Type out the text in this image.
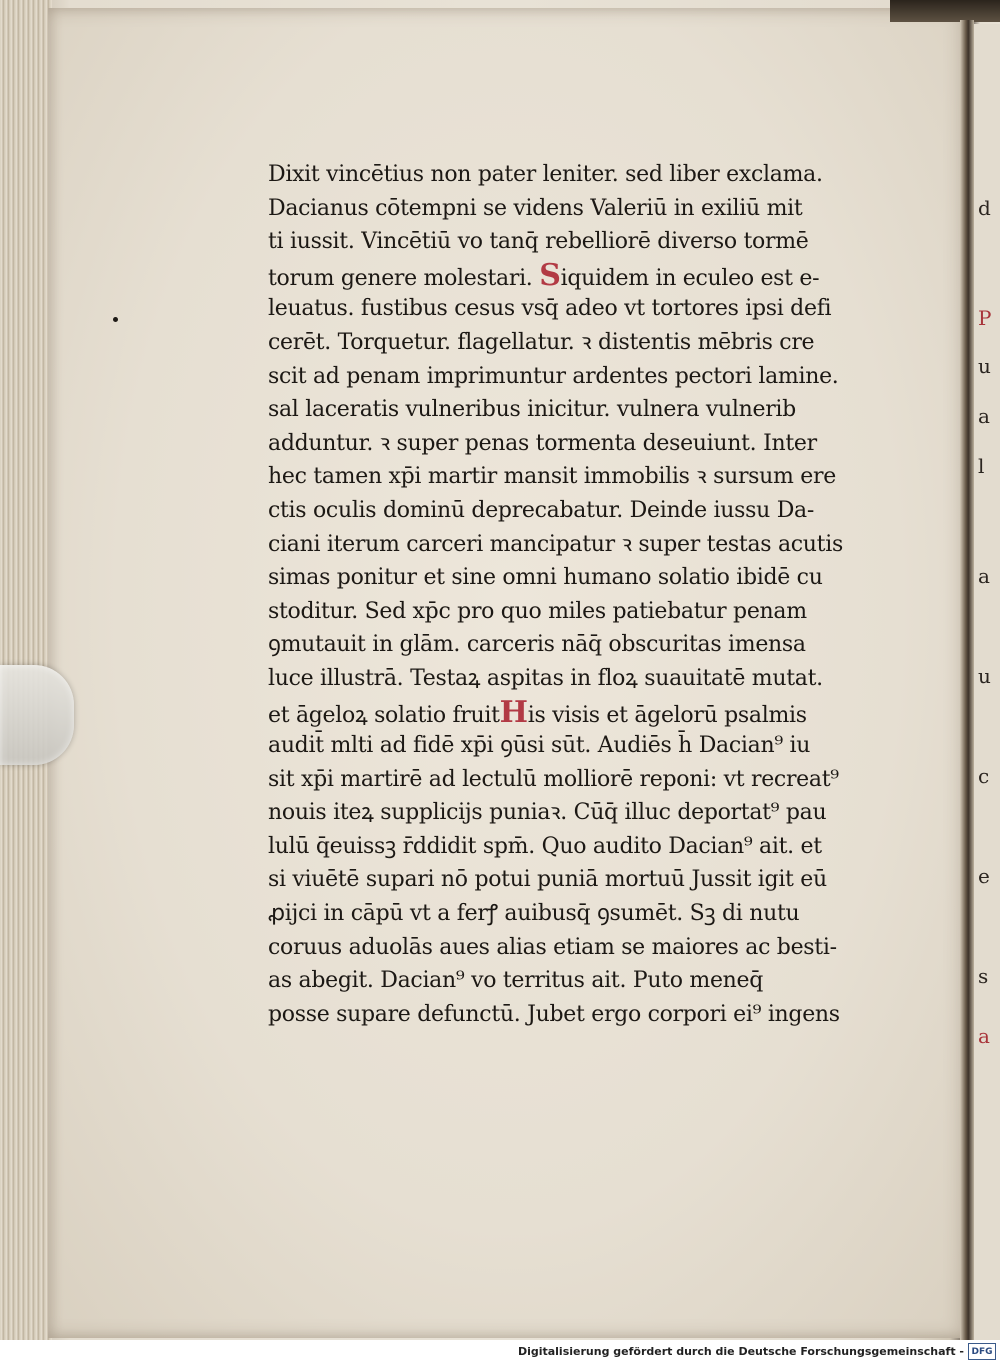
d
P
u
a
l
a
u
c
e
s
a
Dixit vincētius non pater leniter. sed liber exclama.
Dacianus cōtempni se videns Valeriū in exiliū mit
ti iussit. Vincētiū vo tanq̄ rebelliorē diverso tormē
torum genere molestari. Siquidem in eculeo est e-
leuatus. fustibus cesus vsq̄ adeo vt tortores ipsi defi
cerēt. Torquetur. flagellatur. ꝛ distentis mēbris cre
scit ad penam imprimuntur ardentes pectori lamine.
sal laceratis vulneribus inicitur. vulnera vulnerib
adduntur. ꝛ super penas tormenta deseuiunt. Inter
hec tamen xp̄i martir mansit immobilis ꝛ sursum ere
ctis oculis dominū deprecabatur. Deinde iussu Da-
ciani iterum carceri mancipatur ꝛ super testas acutis
simas ponitur et sine omni humano solatio ibidē cu
stoditur. Sed xp̄c pro quo miles patiebatur penam
ꝯmutauit in glām. carceris nāq̄ obscuritas imensa
luce illustrā. Testaꝝ aspitas in floꝝ suauitatē mutat.
et āgeloꝝ solatio fruitHis visis et āgelorū psalmis
audit̄ mlti ad fidē xp̄i ꝯūsi sūt. Audiēs h̄ Dacian⁹ iu
sit xp̄i martirē ad lectulū molliorē reponi: vt recreat⁹
nouis iteꝝ supplicijs puniaꝛ. Cūq̄ illuc deportat⁹ pau
lulū q̄euissꝫ r̄ddidit spm̄. Quo audito Dacian⁹ ait. et
si viuētē supari nō potui puniā mortuū Jussit igit eū
ꝓijci in cāpū vt a ferꝭ auibusq̄ ꝯsumēt. Sꝫ di nutu
coruus aduolās aues alias etiam se maiores ac besti-
as abegit. Dacian⁹ vo territus ait. Puto meneq̄
posse supare defunctū. Jubet ergo corpori ei⁹ ingens
Digitalisierung gefördert durch die Deutsche Forschungsgemeinschaft - DFG
